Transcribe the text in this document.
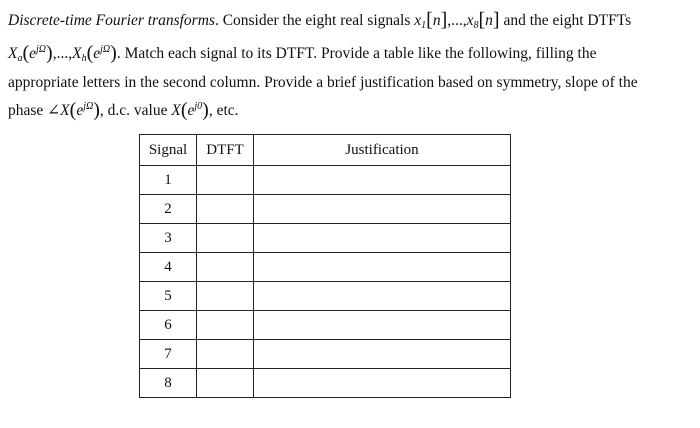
Discrete-time Fourier transforms. Consider the eight real signals $x_1[n],...,x_8[n]$ and the eight DTFTs
$X_a(e^{j\Omega}),...,X_h(e^{j\Omega})$. Match each signal to its DTFT. Provide a table like the following, filling the
appropriate letters in the second column. Provide a brief justification based on symmetry, slope of the
phase $\angle X(e^{j\Omega})$, d.c. value $X(e^{j0})$, etc.
Signal	DTFT	Justification
1		
2		
3		
4		
5		
6		
7		
8		
